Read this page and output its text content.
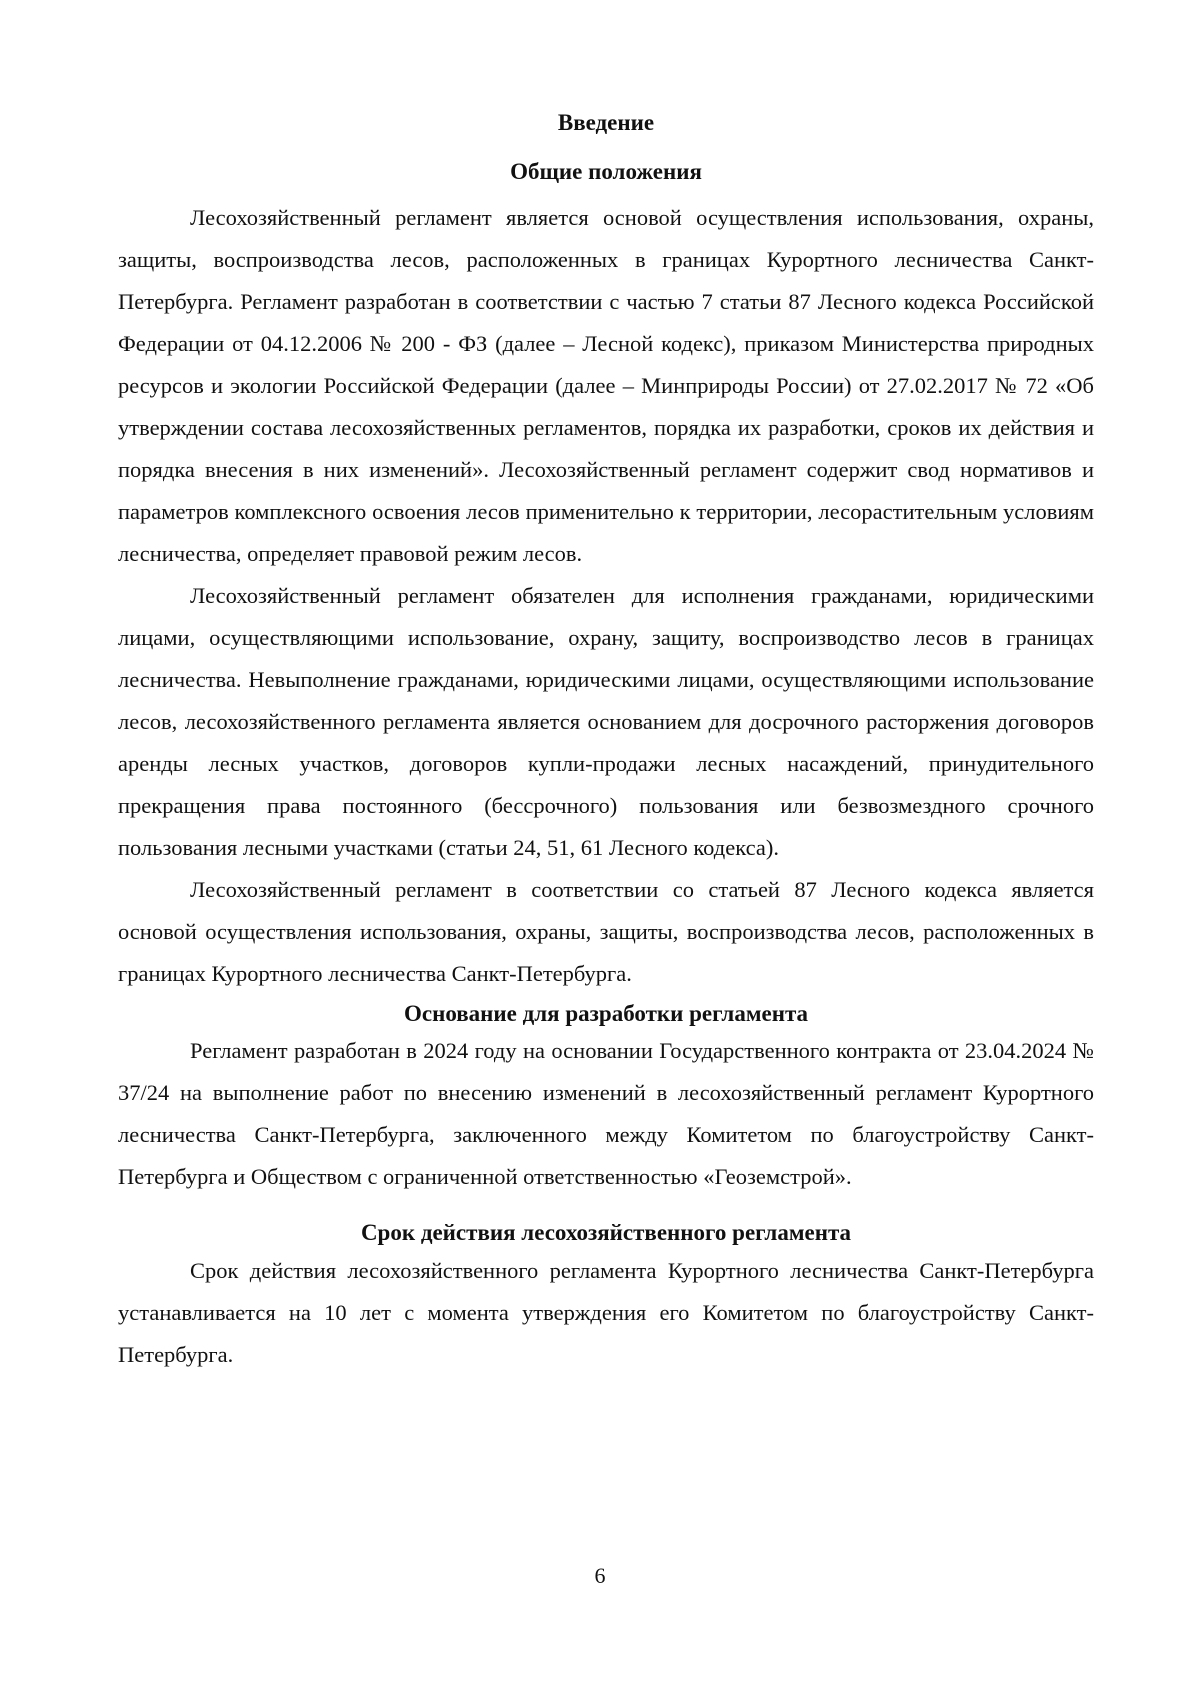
Введение
Общие положения

Лесохозяйственный регламент является основой осуществления использования, охраны, защиты, воспроизводства лесов, расположенных в границах Курортного лесничества Санкт-Петербурга. Регламент разработан в соответствии с частью 7 статьи 87 Лесного кодекса Российской Федерации от 04.12.2006 № 200 - ФЗ (далее – Лесной кодекс), приказом Министерства природных ресурсов и экологии Российской Федерации (далее – Минприроды России) от 27.02.2017 № 72 «Об утверждении состава лесохозяйственных регламентов, порядка их разработки, сроков их действия и порядка внесения в них изменений». Лесохозяйственный регламент содержит свод нормативов и параметров комплексного освоения лесов применительно к территории, лесорастительным условиям лесничества, определяет правовой режим лесов.

Лесохозяйственный регламент обязателен для исполнения гражданами, юридическими лицами, осуществляющими использование, охрану, защиту, воспроизводство лесов в границах лесничества. Невыполнение гражданами, юридическими лицами, осуществляющими использование лесов, лесохозяйственного регламента является основанием для досрочного расторжения договоров аренды лесных участков, договоров купли-продажи лесных насаждений, принудительного прекращения права постоянного (бессрочного) пользования или безвозмездного срочного пользования лесными участками (статьи 24, 51, 61 Лесного кодекса).

Лесохозяйственный регламент в соответствии со статьей 87 Лесного кодекса является основой осуществления использования, охраны, защиты, воспроизводства лесов, расположенных в границах Курортного лесничества Санкт-Петербурга.

Основание для разработки регламента

Регламент разработан в 2024 году на основании Государственного контракта от 23.04.2024 № 37/24 на выполнение работ по внесению изменений в лесохозяйственный регламент Курортного лесничества Санкт-Петербурга, заключенного между Комитетом по благоустройству Санкт-Петербурга и Обществом с ограниченной ответственностью «Геоземстрой».

Срок действия лесохозяйственного регламента

Срок действия лесохозяйственного регламента Курортного лесничества Санкт-Петербурга устанавливается на 10 лет с момента утверждения его Комитетом по благоустройству Санкт-Петербурга.

6
